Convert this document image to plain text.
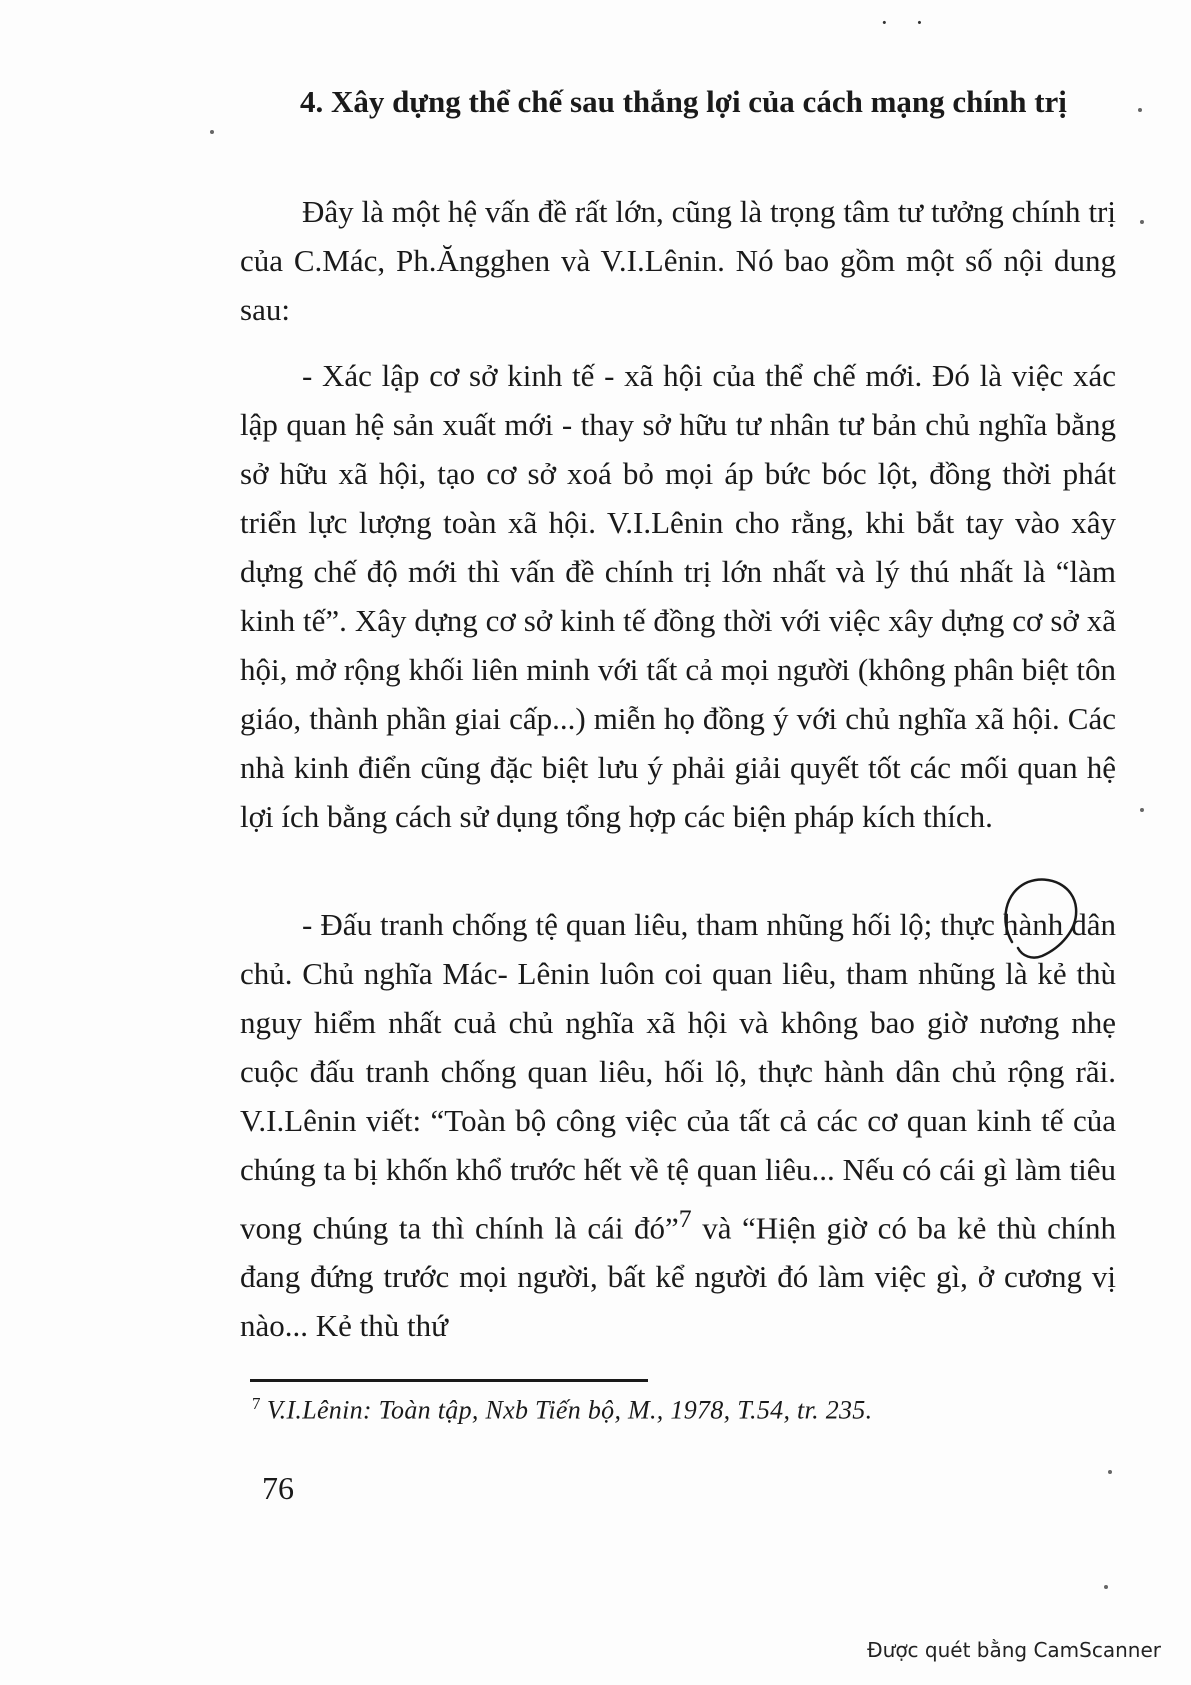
· ·
4. Xây dựng thể chế sau thắng lợi của cách mạng chính trị
Đây là một hệ vấn đề rất lớn, cũng là trọng tâm tư tưởng chính trị của C.Mác, Ph.Ăngghen và V.I.Lênin. Nó bao gồm một số nội dung sau:
- Xác lập cơ sở kinh tế - xã hội của thể chế mới. Đó là việc xác lập quan hệ sản xuất mới - thay sở hữu tư nhân tư bản chủ nghĩa bằng sở hữu xã hội, tạo cơ sở xoá bỏ mọi áp bức bóc lột, đồng thời phát triển lực lượng toàn xã hội. V.I.Lênin cho rằng, khi bắt tay vào xây dựng chế độ mới thì vấn đề chính trị lớn nhất và lý thú nhất là “làm kinh tế”. Xây dựng cơ sở kinh tế đồng thời với việc xây dựng cơ sở xã hội, mở rộng khối liên minh với tất cả mọi người (không phân biệt tôn giáo, thành phần giai cấp...) miễn họ đồng ý với chủ nghĩa xã hội. Các nhà kinh điển cũng đặc biệt lưu ý phải giải quyết tốt các mối quan hệ lợi ích bằng cách sử dụng tổng hợp các biện pháp kích thích.
- Đấu tranh chống tệ quan liêu, tham nhũng hối lộ; thực hành dân chủ. Chủ nghĩa Mác- Lênin luôn coi quan liêu, tham nhũng là kẻ thù nguy hiểm nhất cuả chủ nghĩa xã hội và không bao giờ nương nhẹ cuộc đấu tranh chống quan liêu, hối lộ, thực hành dân chủ rộng rãi. V.I.Lênin viết: “Toàn bộ công việc của tất cả các cơ quan kinh tế của chúng ta bị khốn khổ trước hết về tệ quan liêu... Nếu có cái gì làm tiêu vong chúng ta thì chính là cái đó”$^7$ và “Hiện giờ có ba kẻ thù chính đang đứng trước mọi người, bất kể người đó làm việc gì, ở cương vị nào... Kẻ thù thứ
$^7$ V.I.Lênin: Toàn tập, Nxb Tiến bộ, M., 1978, T.54, tr. 235.
76
Được quét bằng CamScanner
